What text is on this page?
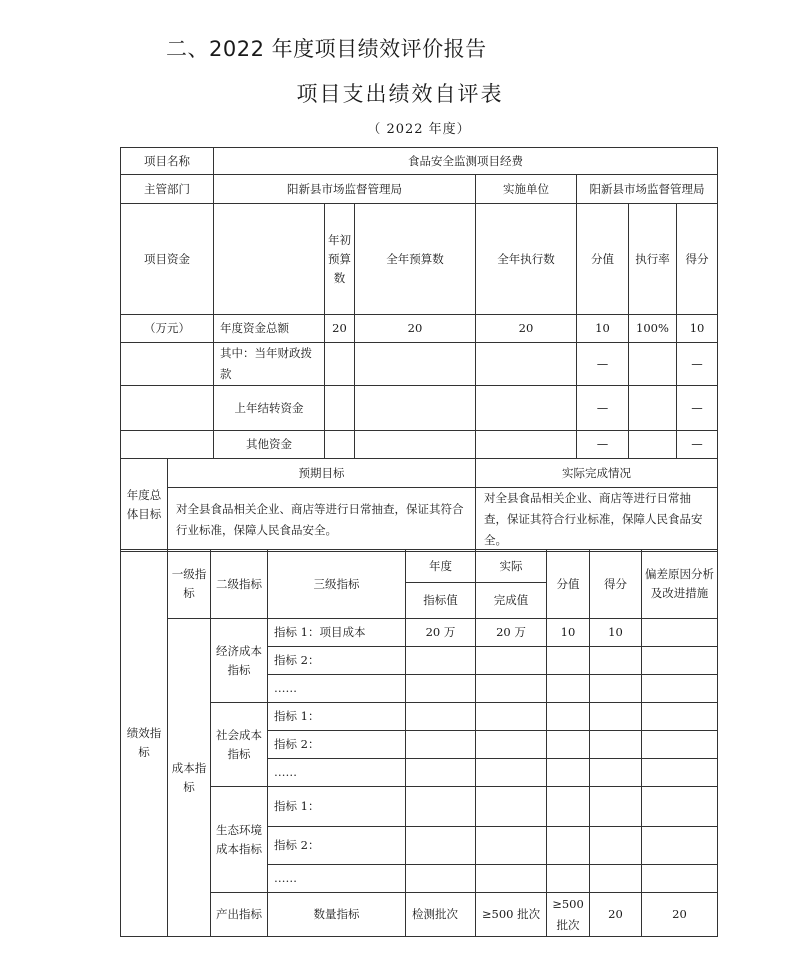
二、2022 年度项目绩效评价报告
项目支出绩效自评表
（ 2022 年度）
项目名称	食品安全监测项目经费						
主管部门	阳新县市场监督管理局			实施单位	阳新县市场监督管理局		
项目资金		年初预算数	全年预算数	全年执行数	分值	执行率	得分
（万元）	年度资金总额	20	20	20	10	100%	10
	其中：当年财政拨款				—		—
	上年结转资金				—		—
	其他资金				—		—
年度总体目标	预期目标	实际完成情况
	对全县食品相关企业、商店等进行日常抽查，保证其符合行业标准，保障人民食品安全。	对全县食品相关企业、商店等进行日常抽查，保证其符合行业标准，保障人民食品安全。
绩效指标	一级指标	二级指标	三级指标	年度	实际	分值	得分	偏差原因分析及改进措施	
				指标值	完成值				
	成本指标	经济成本指标	指标 1：项目成本	20 万	20 万	10	10		
			指标 2：						
			……						
		社会成本指标	指标 1：						
			指标 2：						
			……						
		生态环境成本指标	指标 1：						
			指标 2：						
			……						
		产出指标	数量指标	检测批次	≥500 批次	≥500 批次	20	20	
